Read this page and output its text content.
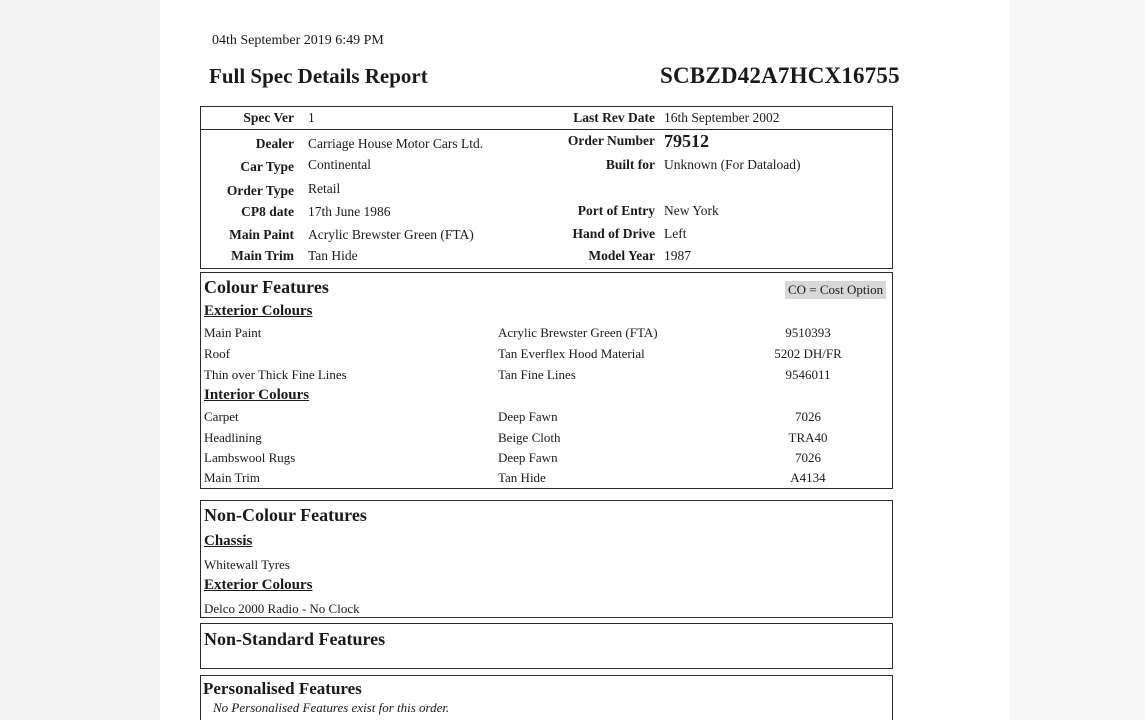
04th September 2019 6:49 PM
Full Spec Details Report	SCBZD42A7HCX16755
Spec Ver 1	Last Rev Date 16th September 2002
Dealer Carriage House Motor Cars Ltd.	Order Number 79512
Car Type Continental	Built for Unknown (For Dataload)
Order Type Retail
CP8 date 17th June 1986	Port of Entry New York
Main Paint Acrylic Brewster Green (FTA)	Hand of Drive Left
Main Trim Tan Hide	Model Year 1987
Colour Features	CO = Cost Option
Exterior Colours
Main Paint	Acrylic Brewster Green (FTA)	9510393
Roof	Tan Everflex Hood Material	5202 DH/FR
Thin over Thick Fine Lines	Tan Fine Lines	9546011
Interior Colours
Carpet	Deep Fawn	7026
Headlining	Beige Cloth	TRA40
Lambswool Rugs	Deep Fawn	7026
Main Trim	Tan Hide	A4134
Non-Colour Features
Chassis
Whitewall Tyres
Exterior Colours
Delco 2000 Radio - No Clock
Non-Standard Features
Personalised Features
No Personalised Features exist for this order.
